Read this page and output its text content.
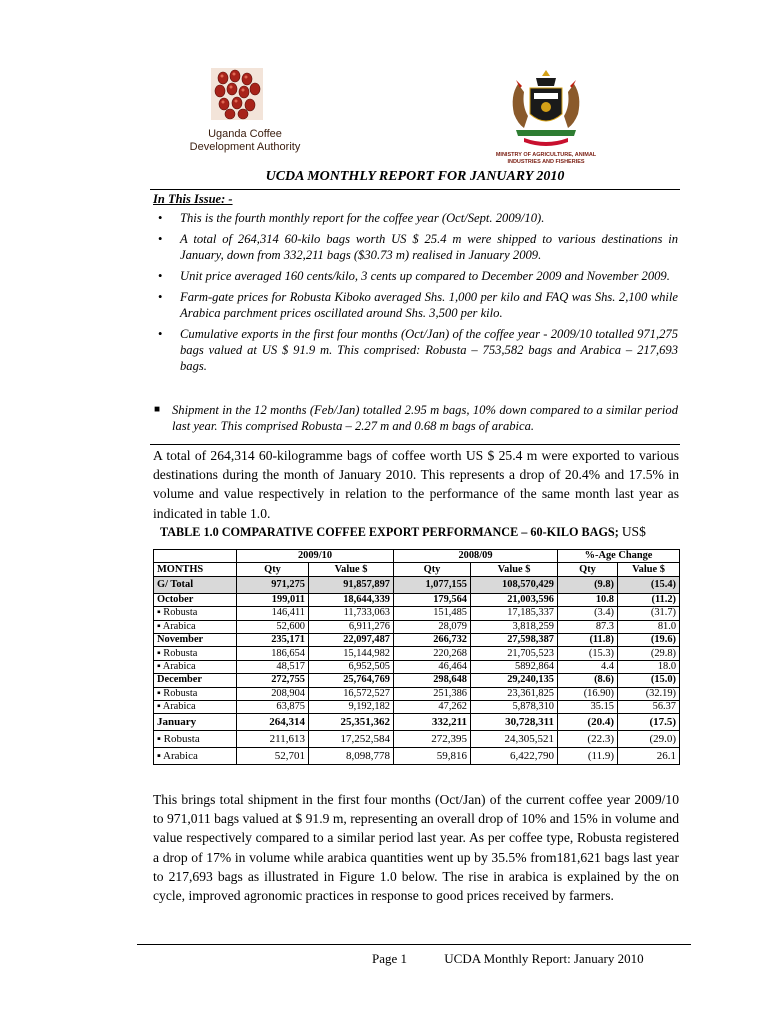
Uganda Coffee
Development Authority
MINISTRY OF AGRICULTURE, ANIMAL
INDUSTRIES AND FISHERIES
UCDA MONTHLY REPORT FOR JANUARY 2010
In This Issue: -
• This is the fourth monthly report for the coffee year (Oct/Sept. 2009/10).
• A total of 264,314 60-kilo bags worth US $ 25.4 m were shipped to various destinations in January, down from 332,211 bags ($30.73 m) realised in January 2009.
• Unit price averaged 160 cents/kilo, 3 cents up compared to December 2009 and November 2009.
• Farm-gate prices for Robusta Kiboko averaged Shs. 1,000 per kilo and FAQ was Shs. 2,100 while Arabica parchment prices oscillated around Shs. 3,500 per kilo.
• Cumulative exports in the first four months (Oct/Jan) of the coffee year - 2009/10 totalled 971,275 bags valued at US $ 91.9 m. This comprised: Robusta – 753,582 bags and Arabica – 217,693 bags.
■ Shipment in the 12 months (Feb/Jan) totalled 2.95 m bags, 10% down compared to a similar period last year. This comprised Robusta – 2.27 m and 0.68 m bags of arabica.

A total of 264,314 60-kilogramme bags of coffee worth US $ 25.4 m were exported to various destinations during the month of January 2010. This represents a drop of 20.4% and 17.5% in volume and value respectively in relation to the performance of the same month last year as indicated in table 1.0.

TABLE 1.0 COMPARATIVE COFFEE EXPORT PERFORMANCE – 60-KILO BAGS; US$
	2009/10		2008/09		%-Age Change	
MONTHS	Qty	Value $	Qty	Value $	Qty	Value $
G/ Total	971,275	91,857,897	1,077,155	108,570,429	(9.8)	(15.4)
October	199,011	18,644,339	179,564	21,003,596	10.8	(11.2)
▪ Robusta	146,411	11,733,063	151,485	17,185,337	(3.4)	(31.7)
▪ Arabica	52,600	6,911,276	28,079	3,818,259	87.3	81.0
November	235,171	22,097,487	266,732	27,598,387	(11.8)	(19.6)
▪ Robusta	186,654	15,144,982	220,268	21,705,523	(15.3)	(29.8)
▪ Arabica	48,517	6,952,505	46,464	5892,864	4.4	18.0
December	272,755	25,764,769	298,648	29,240,135	(8.6)	(15.0)
▪ Robusta	208,904	16,572,527	251,386	23,361,825	(16.90)	(32.19)
▪ Arabica	63,875	9,192,182	47,262	5,878,310	35.15	56.37
January	264,314	25,351,362	332,211	30,728,311	(20.4)	(17.5)
▪ Robusta	211,613	17,252,584	272,395	24,305,521	(22.3)	(29.0)
▪ Arabica	52,701	8,098,778	59,816	6,422,790	(11.9)	26.1

This brings total shipment in the first four months (Oct/Jan) of the current coffee year 2009/10 to 971,011 bags valued at $ 91.9 m, representing an overall drop of 10% and 15% in volume and value respectively compared to a similar period last year. As per coffee type, Robusta registered a drop of 17% in volume while arabica quantities went up by 35.5% from181,621 bags last year to 217,693 bags as illustrated in Figure 1.0 below. The rise in arabica is explained by the on cycle, improved agronomic practices in response to good prices received by farmers.

Page 1	UCDA Monthly Report: January 2010
